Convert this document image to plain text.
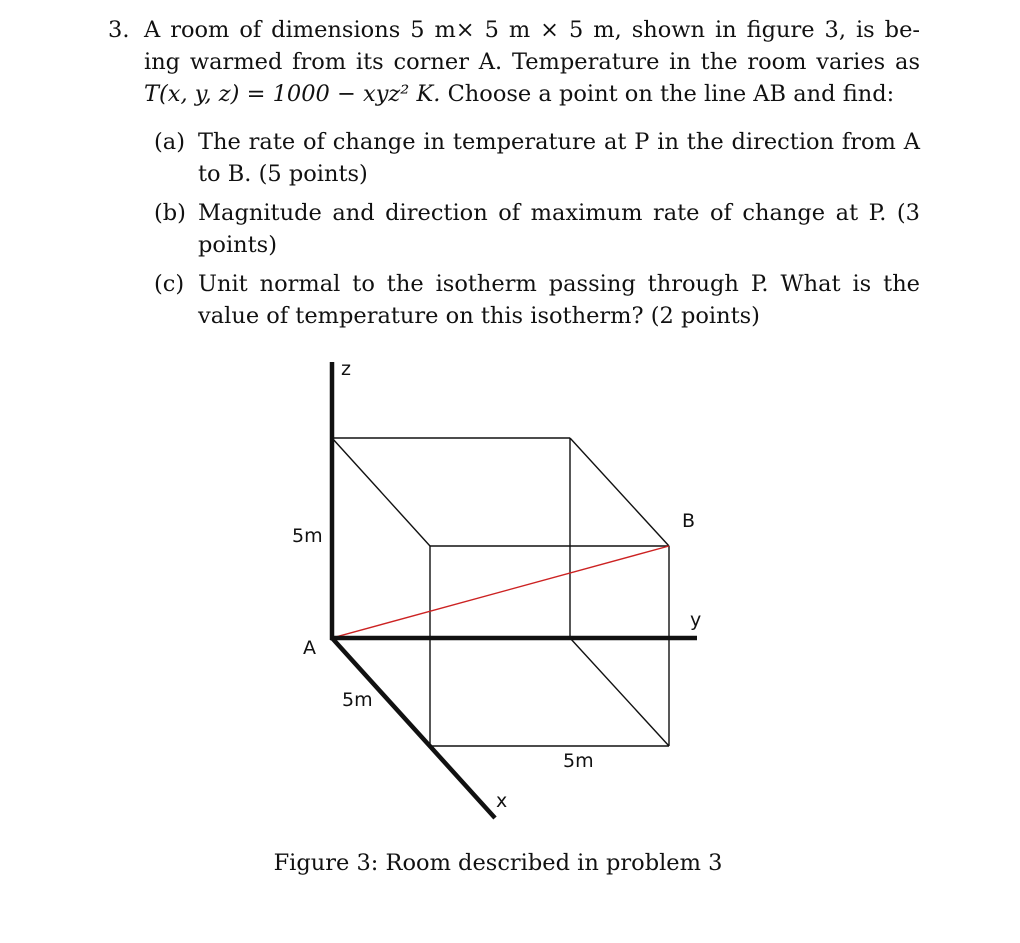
3. A room of dimensions 5 m× 5 m × 5 m, shown in figure 3, is be-
ing warmed from its corner A. Temperature in the room varies as
T(x, y, z) = 1000 − xyz² K. Choose a point on the line AB and find:
(a) The rate of change in temperature at P in the direction from A to B. (5 points)
(b) Magnitude and direction of maximum rate of change at P. (3 points)
(c) Unit normal to the isotherm passing through P. What is the value of temperature on this isotherm? (2 points)
z
B
5m
y
A
5m
5m
x
Figure 3: Room described in problem 3
